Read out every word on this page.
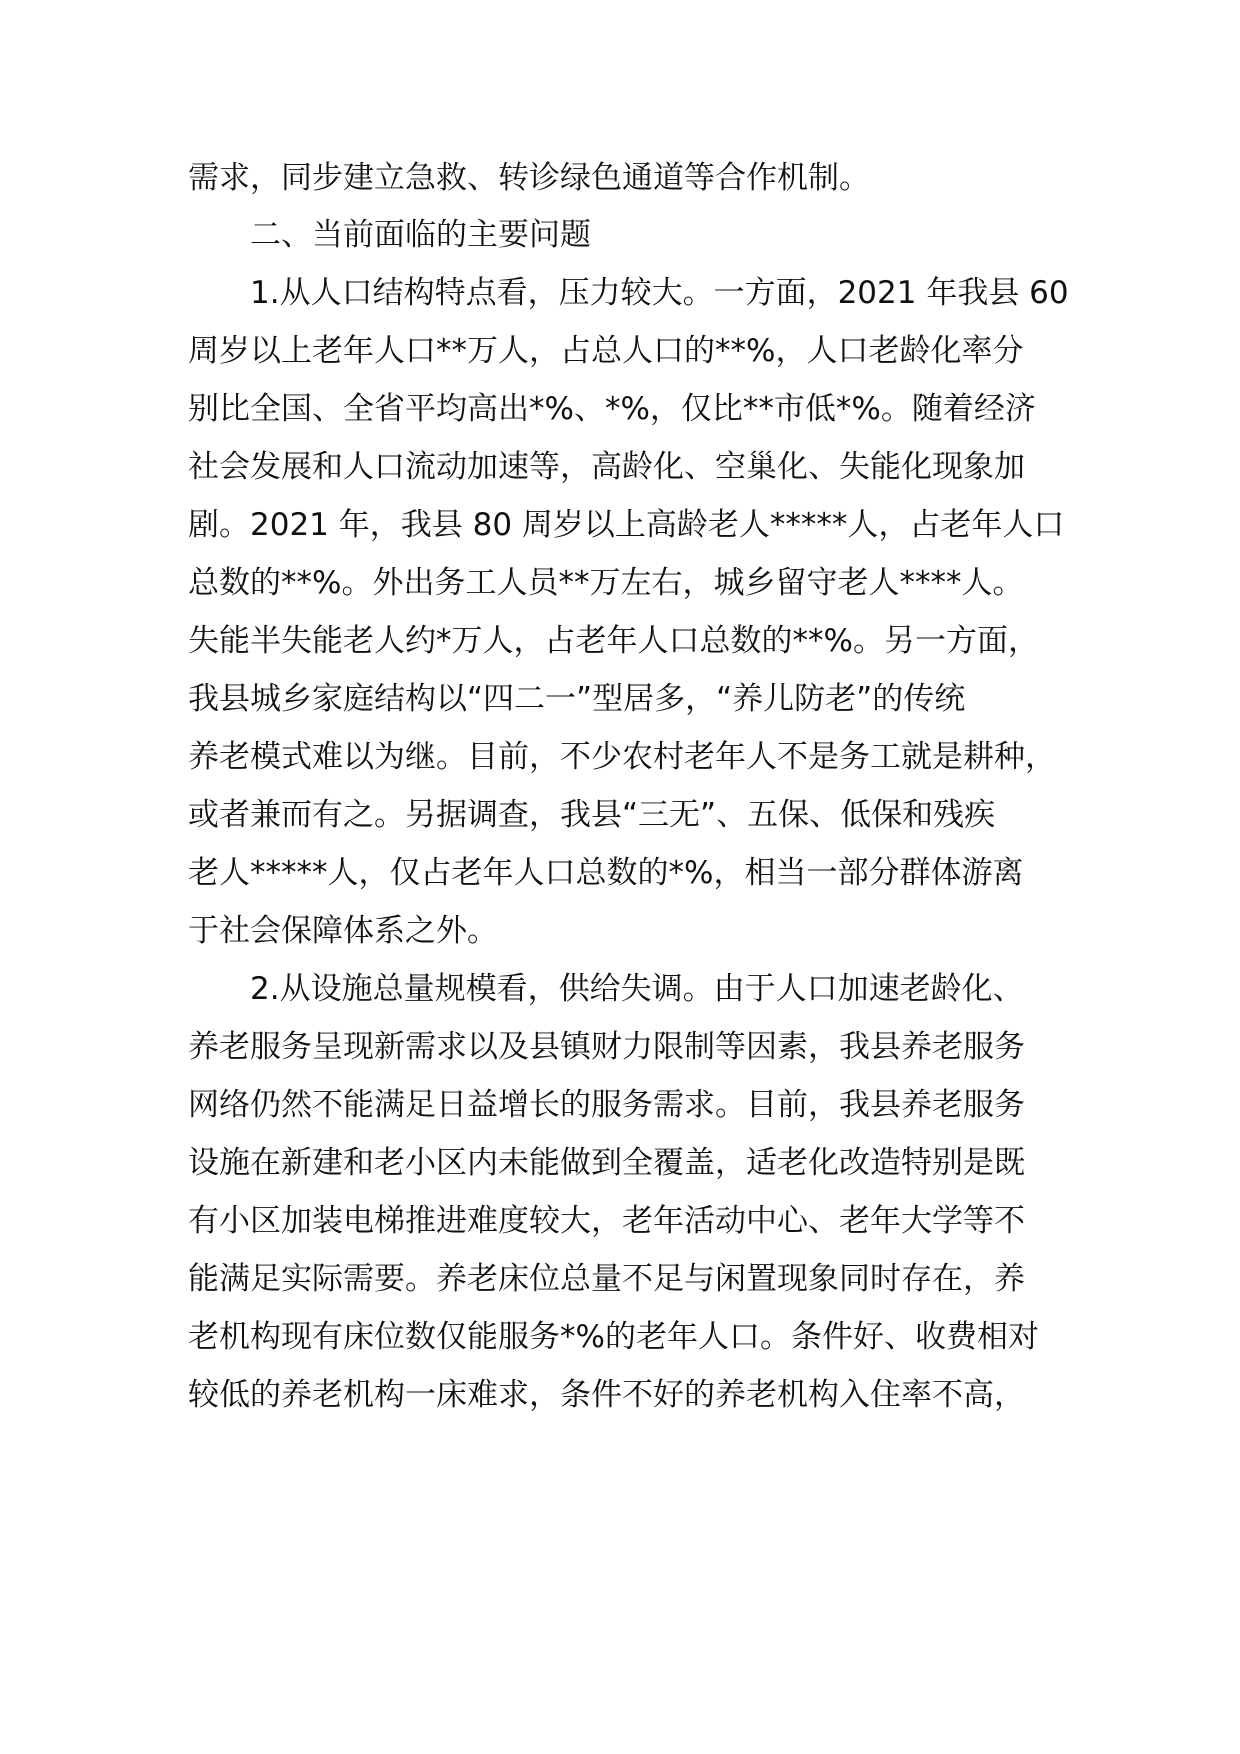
需求，同步建立急救、转诊绿色通道等合作机制。
二、当前面临的主要问题
1.从人口结构特点看，压力较大。一方面，2021 年我县 60
周岁以上老年人口**万人，占总人口的**%，人口老龄化率分
别比全国、全省平均高出*%、*%，仅比**市低*%。随着经济
社会发展和人口流动加速等，高龄化、空巢化、失能化现象加
剧。2021 年，我县 80 周岁以上高龄老人*****人，占老年人口
总数的**%。外出务工人员**万左右，城乡留守老人****人。
失能半失能老人约*万人，占老年人口总数的**%。另一方面，
我县城乡家庭结构以“四二一”型居多，“养儿防老”的传统
养老模式难以为继。目前，不少农村老年人不是务工就是耕种，
或者兼而有之。另据调查，我县“三无”、五保、低保和残疾
老人*****人，仅占老年人口总数的*%，相当一部分群体游离
于社会保障体系之外。
2.从设施总量规模看，供给失调。由于人口加速老龄化、
养老服务呈现新需求以及县镇财力限制等因素，我县养老服务
网络仍然不能满足日益增长的服务需求。目前，我县养老服务
设施在新建和老小区内未能做到全覆盖，适老化改造特别是既
有小区加装电梯推进难度较大，老年活动中心、老年大学等不
能满足实际需要。养老床位总量不足与闲置现象同时存在，养
老机构现有床位数仅能服务*%的老年人口。条件好、收费相对
较低的养老机构一床难求，条件不好的养老机构入住率不高，
